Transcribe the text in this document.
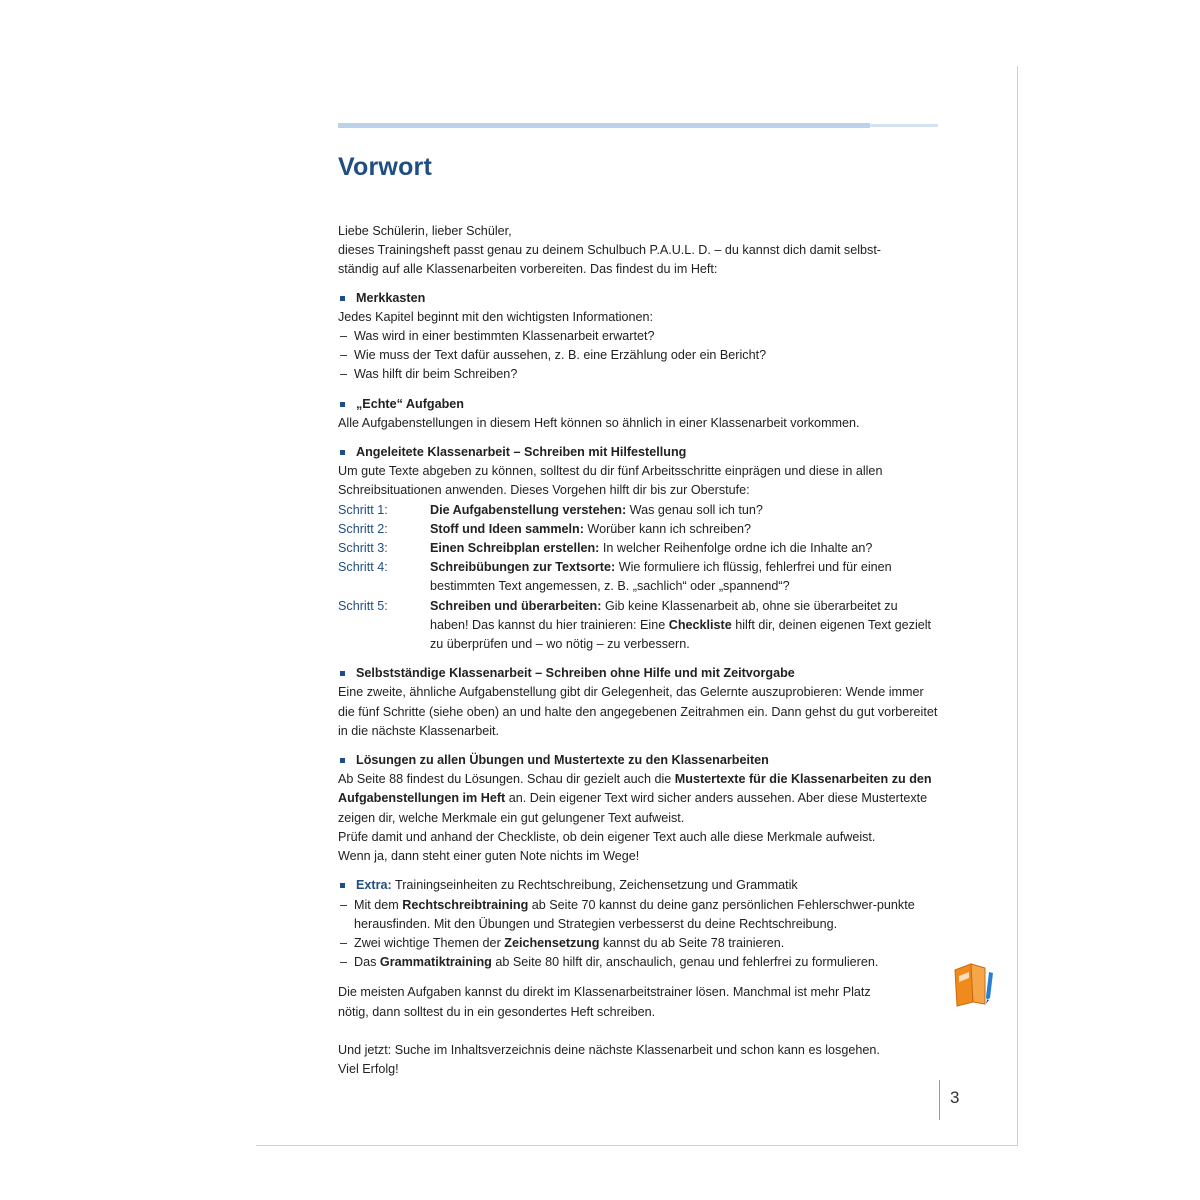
Vorwort

Liebe Schülerin, lieber Schüler,

dieses Trainingsheft passt genau zu deinem Schulbuch P.A.U.L. D. – du kannst dich damit selbst-

ständig auf alle Klassenarbeiten vorbereiten. Das findest du im Heft:

Merkkasten

Jedes Kapitel beginnt mit den wichtigsten Informationen:

– Was wird in einer bestimmten Klassenarbeit erwartet?
– Wie muss der Text dafür aussehen, z. B. eine Erzählung oder ein Bericht?
– Was hilft dir beim Schreiben?
„Echte“ Aufgaben

Alle Aufgabenstellungen in diesem Heft können so ähnlich in einer Klassenarbeit vorkommen.

Angeleitete Klassenarbeit – Schreiben mit Hilfestellung

Um gute Texte abgeben zu können, solltest du dir fünf Arbeitsschritte einprägen und diese in allen

Schreibsituationen anwenden. Dieses Vorgehen hilft dir bis zur Oberstufe:

Schritt 1:	Die Aufgabenstellung verstehen: Was genau soll ich tun?
Schritt 2:	Stoff und Ideen sammeln: Worüber kann ich schreiben?
Schritt 3:	Einen Schreibplan erstellen: In welcher Reihenfolge ordne ich die Inhalte an?
Schritt 4:	Schreibübungen zur Textsorte: Wie formuliere ich flüssig, fehlerfrei und für einen bestimmten Text angemessen, z. B. „sachlich“ oder „spannend“?
Schritt 5:	Schreiben und überarbeiten: Gib keine Klassenarbeit ab, ohne sie überarbeitet zu haben! Das kannst du hier trainieren: Eine Checkliste hilft dir, deinen eigenen Text gezielt zu überprüfen und – wo nötig – zu verbessern.
Selbstständige Klassenarbeit – Schreiben ohne Hilfe und mit Zeitvorgabe

Eine zweite, ähnliche Aufgabenstellung gibt dir Gelegenheit, das Gelernte auszuprobieren: Wende immer die fünf Schritte (siehe oben) an und halte den angegebenen Zeitrahmen ein. Dann gehst du gut vorbereitet in die nächste Klassenarbeit.

Lösungen zu allen Übungen und Mustertexte zu den Klassenarbeiten

Ab Seite 88 findest du Lösungen. Schau dir gezielt auch die Mustertexte für die Klassenarbeiten zu den Aufgabenstellungen im Heft an. Dein eigener Text wird sicher anders aussehen. Aber diese Mustertexte zeigen dir, welche Merkmale ein gut gelungener Text aufweist.

Prüfe damit und anhand der Checkliste, ob dein eigener Text auch alle diese Merkmale aufweist.

Wenn ja, dann steht einer guten Note nichts im Wege!

Extra: Trainingseinheiten zu Rechtschreibung, Zeichensetzung und Grammatik
– Mit dem Rechtschreibtraining ab Seite 70 kannst du deine ganz persönlichen Fehlerschwer-punkte herausfinden. Mit den Übungen und Strategien verbesserst du deine Rechtschreibung.
– Zwei wichtige Themen der Zeichensetzung kannst du ab Seite 78 trainieren.
– Das Grammatiktraining ab Seite 80 hilft dir, anschaulich, genau und fehlerfrei zu formulieren.

Die meisten Aufgaben kannst du direkt im Klassenarbeitstrainer lösen. Manchmal ist mehr Platz

nötig, dann solltest du in ein gesondertes Heft schreiben.

Und jetzt: Suche im Inhaltsverzeichnis deine nächste Klassenarbeit und schon kann es losgehen.

Viel Erfolg!

3
